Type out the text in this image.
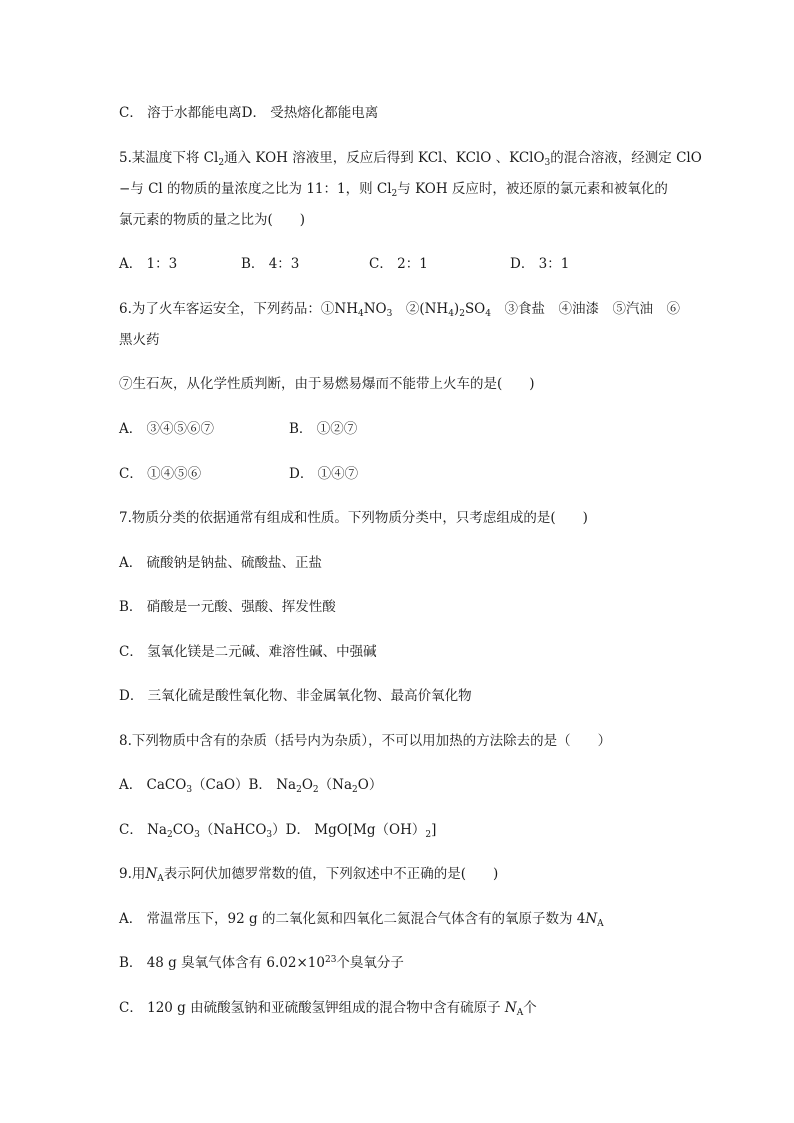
C． 溶于水都能电离D． 受热熔化都能电离
5.某温度下将 $Cl_2$通入 KOH 溶液里，反应后得到 KCl、KClO 、KClO$_3$的混合溶液，经测定 ClO
−与 Cl 的物质的量浓度之比为 11：1，则 $Cl_2$与 KOH 反应时，被还原的氯元素和被氧化的
氯元素的物质的量之比为(　　)
A． 1：3	B． 4：3	C． 2：1	D． 3：1
6.为了火车客运安全，下列药品：$①NH_4NO_3$　$②(NH_4)_2SO_4$　③食盐　④油漆　⑤汽油　⑥
黑火药
⑦生石灰，从化学性质判断，由于易燃易爆而不能带上火车的是(　　)
A． ③④⑤⑥⑦	B． ①②⑦
C． ①④⑤⑥	D． ①④⑦
7.物质分类的依据通常有组成和性质。下列物质分类中，只考虑组成的是(　　)
A． 硫酸钠是钠盐、硫酸盐、正盐
B． 硝酸是一元酸、强酸、挥发性酸
C． 氢氧化镁是二元碱、难溶性碱、中强碱
D． 三氧化硫是酸性氧化物、非金属氧化物、最高价氧化物
8.下列物质中含有的杂质（括号内为杂质），不可以用加热的方法除去的是（　　）
A． CaCO$_3$（CaO）B． $Na_2O_2(Na_2O)$
C． $Na_2CO_3(NaHCO_3)D$． $MgO[Mg(OH)_2]$
9.用$N_A$表示阿伏加德罗常数的值，下列叙述中不正确的是(　　)
A． 常温常压下，92 g 的二氧化氮和四氧化二氮混合气体含有的氧原子数为 $4N_A$
B． 48 g 臭氧气体含有 $6.02\times 10^{23}$个臭氧分子
C． 120 g 由硫酸氢钠和亚硫酸氢钾组成的混合物中含有硫原子 $N_A$个
